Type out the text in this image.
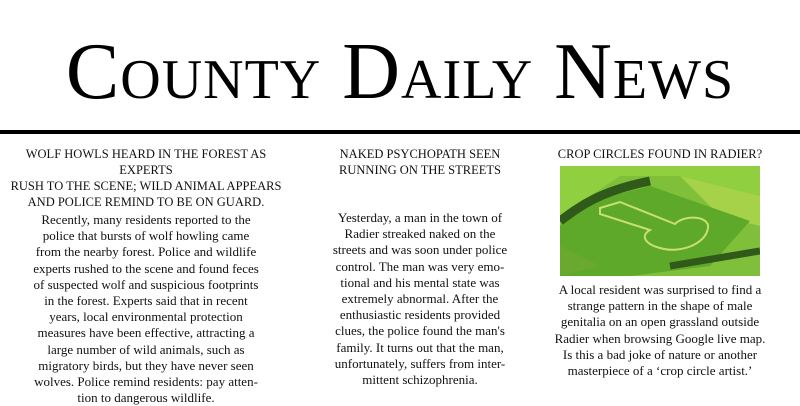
County Daily News
WOLF HOWLS HEARD IN THE FOREST AS EXPERTS
RUSH TO THE SCENE; WILD ANIMAL APPEARS
AND POLICE REMIND TO BE ON GUARD.
Recently, many residents reported to the
police that bursts of wolf howling came
from the nearby forest. Police and wildlife
experts rushed to the scene and found feces
of suspected wolf and suspicious footprints
in the forest. Experts said that in recent
years, local environmental protection
measures have been effective, attracting a
large number of wild animals, such as
migratory birds, but they have never seen
wolves. Police remind residents: pay atten-
tion to dangerous wildlife.
NAKED PSYCHOPATH SEEN
RUNNING ON THE STREETS
Yesterday, a man in the town of
Radier streaked naked on the
streets and was soon under police
control. The man was very emo-
tional and his mental state was
extremely abnormal. After the
enthusiastic residents provided
clues, the police found the man's
family. It turns out that the man,
unfortunately, suffers from inter-
mittent schizophrenia.
CROP CIRCLES FOUND IN RADIER?
A local resident was surprised to find a
strange pattern in the shape of male
genitalia on an open grassland outside
Radier when browsing Google live map.
Is this a bad joke of nature or another
masterpiece of a ‘crop circle artist.’
